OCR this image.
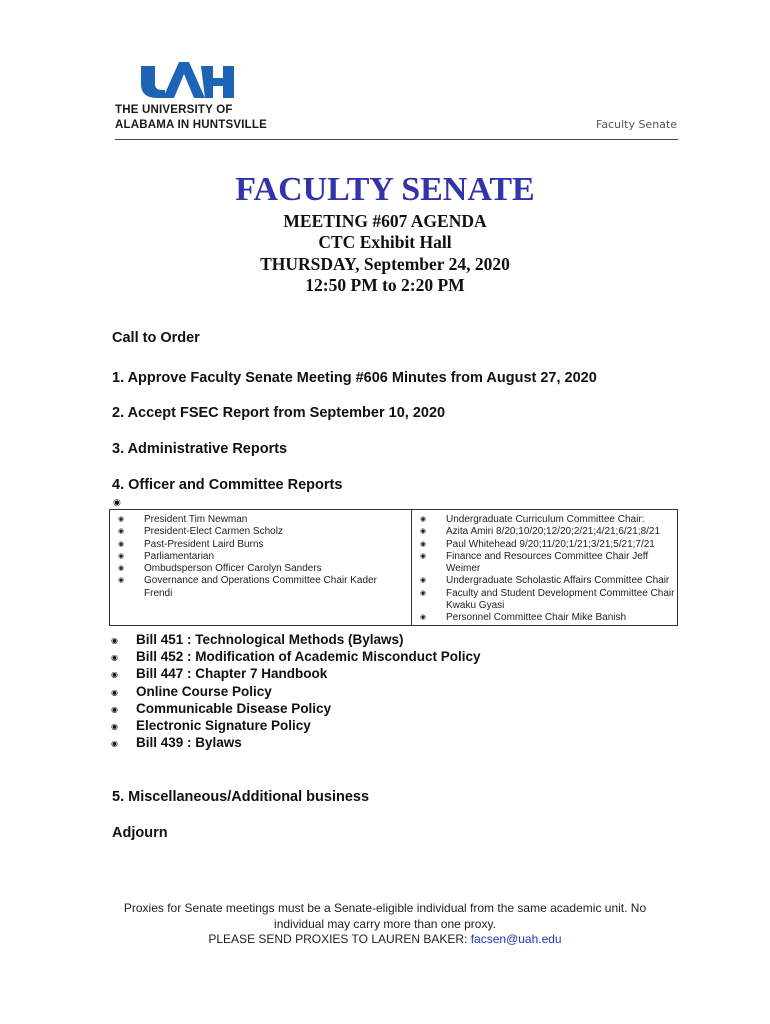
UAH
THE UNIVERSITY OF
ALABAMA IN HUNTSVILLE	Faculty Senate
FACULTY SENATE
MEETING #607 AGENDA
CTC Exhibit Hall
THURSDAY, September 24, 2020
12:50 PM to 2:20 PM
Call to Order
1. Approve Faculty Senate Meeting #606 Minutes from August 27, 2020
2. Accept FSEC Report from September 10, 2020
3. Administrative Reports
4. Officer and Committee Reports
◉
◉ President Tim Newman
◉ President-Elect Carmen Scholz
◉ Past-President Laird Burns
◉ Parliamentarian
◉ Ombudsperson Officer Carolyn Sanders
◉ Governance and Operations Committee Chair Kader
Frendi

◉ Undergraduate Curriculum Committee Chair:
◉ Azita Amiri 8/20;10/20;12/20;2/21;4/21;6/21;8/21
◉ Paul Whitehead 9/20;11/20;1/21;3/21;5/21;7/21
◉ Finance and Resources Committee Chair Jeff Weimer
◉ Undergraduate Scholastic Affairs Committee Chair
◉ Faculty and Student Development Committee Chair
Kwaku Gyasi
◉ Personnel Committee Chair Mike Banish
◉ Bill 451 : Technological Methods (Bylaws)
◉ Bill 452 : Modification of Academic Misconduct Policy
◉ Bill 447 : Chapter 7 Handbook
◉ Online Course Policy
◉ Communicable Disease Policy
◉ Electronic Signature Policy
◉ Bill 439 : Bylaws
5. Miscellaneous/Additional business
Adjourn
Proxies for Senate meetings must be a Senate-eligible individual from the same academic unit. No
individual may carry more than one proxy.
PLEASE SEND PROXIES TO LAUREN BAKER: facsen@uah.edu
